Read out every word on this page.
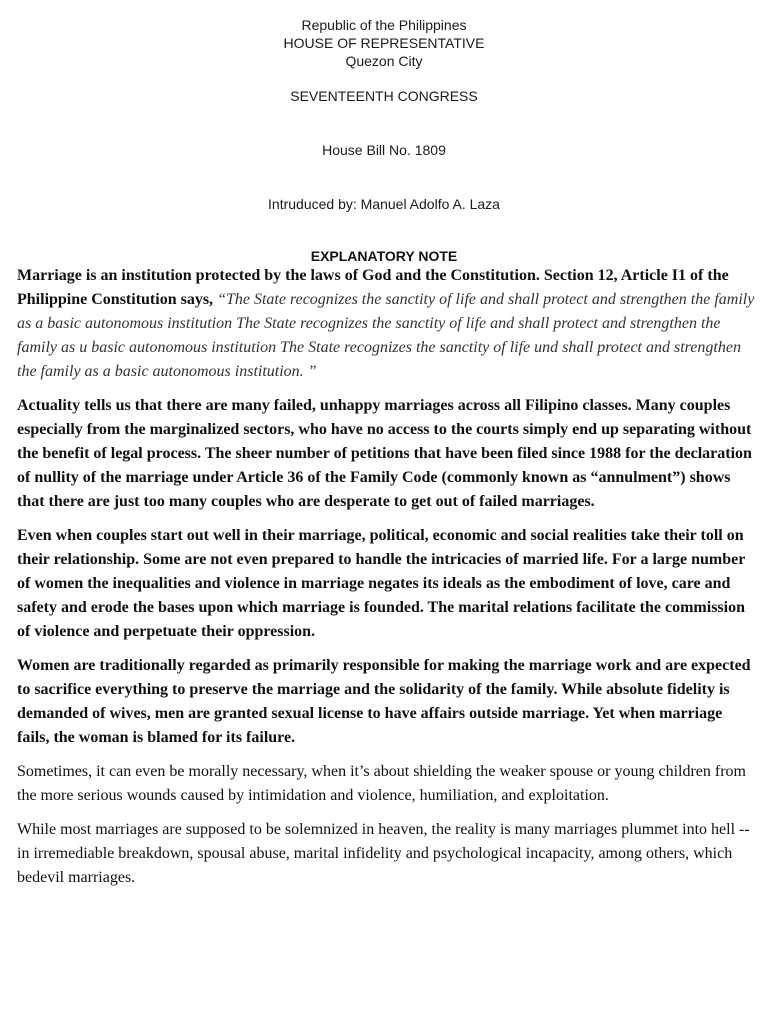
Republic of the Philippines
HOUSE OF REPRESENTATIVE
Quezon City
SEVENTEENTH CONGRESS
House Bill No. 1809
Intruduced by: Manuel Adolfo A. Laza
EXPLANATORY NOTE

Marriage is an institution protected by the laws of God and the Constitution. Section 12, Article I1 of the Philippine Constitution says, “The State recognizes the sanctity of life and shall protect and strengthen the family as a basic autonomous institution The State recognizes the sanctity of life and shall protect and strengthen the family as u basic autonomous institution The State recognizes the sanctity of life und shall protect and strengthen the family as a basic autonomous institution. ”

Actuality tells us that there are many failed, unhappy marriages across all Filipino classes. Many couples especially from the marginalized sectors, who have no access to the courts simply end up separating without the benefit of legal process. The sheer number of petitions that have been filed since 1988 for the declaration of nullity of the marriage under Article 36 of the Family Code (commonly known as “annulment”) shows that there are just too many couples who are desperate to get out of failed marriages.

Even when couples start out well in their marriage, political, economic and social realities take their toll on their relationship. Some are not even prepared to handle the intricacies of married life. For a large number of women the inequalities and violence in marriage negates its ideals as the embodiment of love, care and safety and erode the bases upon which marriage is founded. The marital relations facilitate the commission of violence and perpetuate their oppression.

Women are traditionally regarded as primarily responsible for making the marriage work and are expected to sacrifice everything to preserve the marriage and the solidarity of the family. While absolute fidelity is demanded of wives, men are granted sexual license to have affairs outside marriage. Yet when marriage fails, the woman is blamed for its failure.

Sometimes, it can even be morally necessary, when it’s about shielding the weaker spouse or young children from the more serious wounds caused by intimidation and violence, humiliation, and exploitation.

While most marriages are supposed to be solemnized in heaven, the reality is many marriages plummet into hell -- in irremediable breakdown, spousal abuse, marital infidelity and psychological incapacity, among others, which bedevil marriages.
